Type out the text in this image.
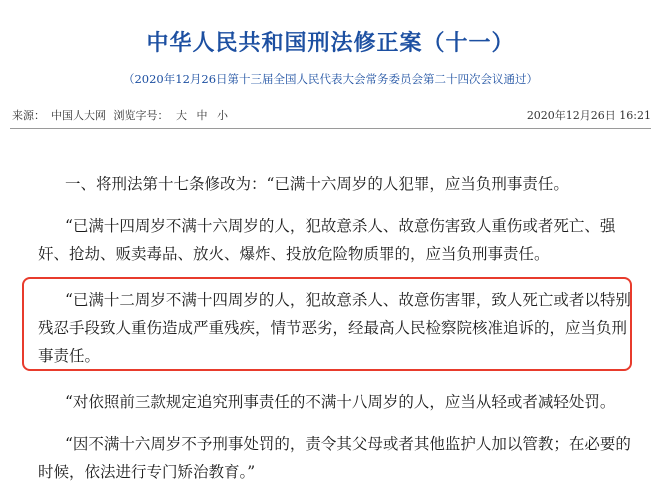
中华人民共和国刑法修正案（十一）
（2020年12月26日第十三届全国人民代表大会常务委员会第二十四次会议通过）
来源： 中国人大网 浏览字号： 大 中 小	2020年12月26日 16:21

一、将刑法第十七条修改为：“已满十六周岁的人犯罪，应当负刑事责任。

“已满十四周岁不满十六周岁的人，犯故意杀人、故意伤害致人重伤或者死亡、强奸、抢劫、贩卖毒品、放火、爆炸、投放危险物质罪的，应当负刑事责任。

“已满十二周岁不满十四周岁的人，犯故意杀人、故意伤害罪，致人死亡或者以特别残忍手段致人重伤造成严重残疾，情节恶劣，经最高人民检察院核准追诉的，应当负刑事责任。

“对依照前三款规定追究刑事责任的不满十八周岁的人，应当从轻或者减轻处罚。

“因不满十六周岁不予刑事处罚的，责令其父母或者其他监护人加以管教；在必要的时候，依法进行专门矫治教育。”
